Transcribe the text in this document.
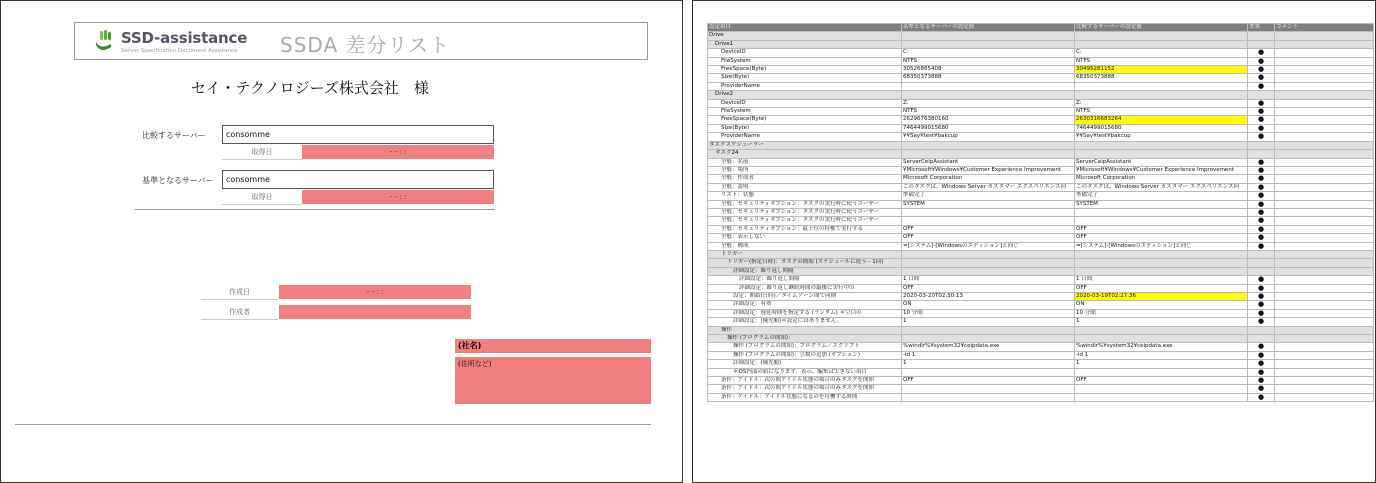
SSD-assistance
Server Specification Document Assistance SSDA 差分リスト
セイ・テクノロジーズ株式会社　様
比較するサーバー	consomme
取得日	- - : :
基準となるサーバー	consomme
取得日	- - : :
作成日	- - : :
作成者
(社名)
(住所など)
設定項目	基準となるサーバーの設定値	比較するサーバーの設定値	差異	コメント
Drive				
Drive1				
DeviceID	C:	C:	●	
FileSystem	NTFS	NTFS	●	
FreeSpace(Byte)	30526865408	30495281152	●	
Size(Byte)	68350373888	68350373888	●	
ProviderName			●	
Drive2				
DeviceID	Z:	Z:	●	
FileSystem	NTFS	NTFS	●	
FreeSpace(Byte)	2629676380160	2630316683264	●	
Size(Byte)	7464499015680	7464499015680	●	
ProviderName	¥¥Say¥test¥bakcup	¥¥Say¥test¥bakcup	●	
タスクスケジューラー				
タスク24				
全般：名前	ServerCeipAssistant	ServerCeipAssistant	●	
全般：場所	¥Microsoft¥Windows¥Customer Experience Improvement	¥Microsoft¥Windows¥Customer Experience Improvement	●	
全般：作成者	Microsoft Corporation	Microsoft Corporation	●	
全般：説明	このタスクは、Windows Server カスタマー エクスペリエンス向	このタスクは、Windows Server カスタマー エクスペリエンス向	●	
リスト：状態	準備完了	準備完了	●	
全般：セキュリティオプション：タスクの実行時に使うユーザー	SYSTEM	SYSTEM	●	
全般：セキュリティオプション：タスクの実行時に使うユーザー			●	
全般：セキュリティオプション：タスクの実行時に使うユーザー			●	
全般：セキュリティオプション：最上位の特権で実行する	OFF	OFF	●	
全般：表示しない	OFF	OFF	●	
全般：構成	=[システム]-[Windowsのエディション]と同じ	=[システム]-[Windowsのエディション]と同じ	●	
トリガー				
トリガー(指定日時)：タスクの開始 (スケジュールに従う - 1回)				
詳細設定：繰り返し間隔				
詳細設定：繰り返し間隔	1 日間	1 日間	●	
詳細設定：繰り返し継続時間の最後に実行中の	OFF	OFF	●	
設定：開始(日時)／タイムゾーン間で同期	2020-03-20T02:30:13	2020-03-19T02:27:36	●	
詳細設定：有効	ON	ON	●	
詳細設定：遅延時間を指定する (ランダム) ＊空白の	10 分間	10 分間	●	
詳細設定：(優先順)＊設定にはありません。	1	1	●	
操作				
操作 (プログラムの開始)：				
操作 (プログラムの開始)：プログラム／スクリプト	%windir%¥system32¥ceipdata.exe	%windir%¥system32¥ceipdata.exe	●	
操作 (プログラムの開始)：引数の追加 (オプション)	-id 1	-id 1	●	
詳細設定：(優先順)	1	1	●	
＊OS内部の値になります。表示、編集はできない項目			●	
条件：アイドル：次の間アイドル状態の場合のみタスクを開始	OFF	OFF	●	
条件：アイドル：次の間アイドル状態の場合のみタスクを開始			●	
条件：アイドル：アイドル状態になるのを待機する時間			●	
